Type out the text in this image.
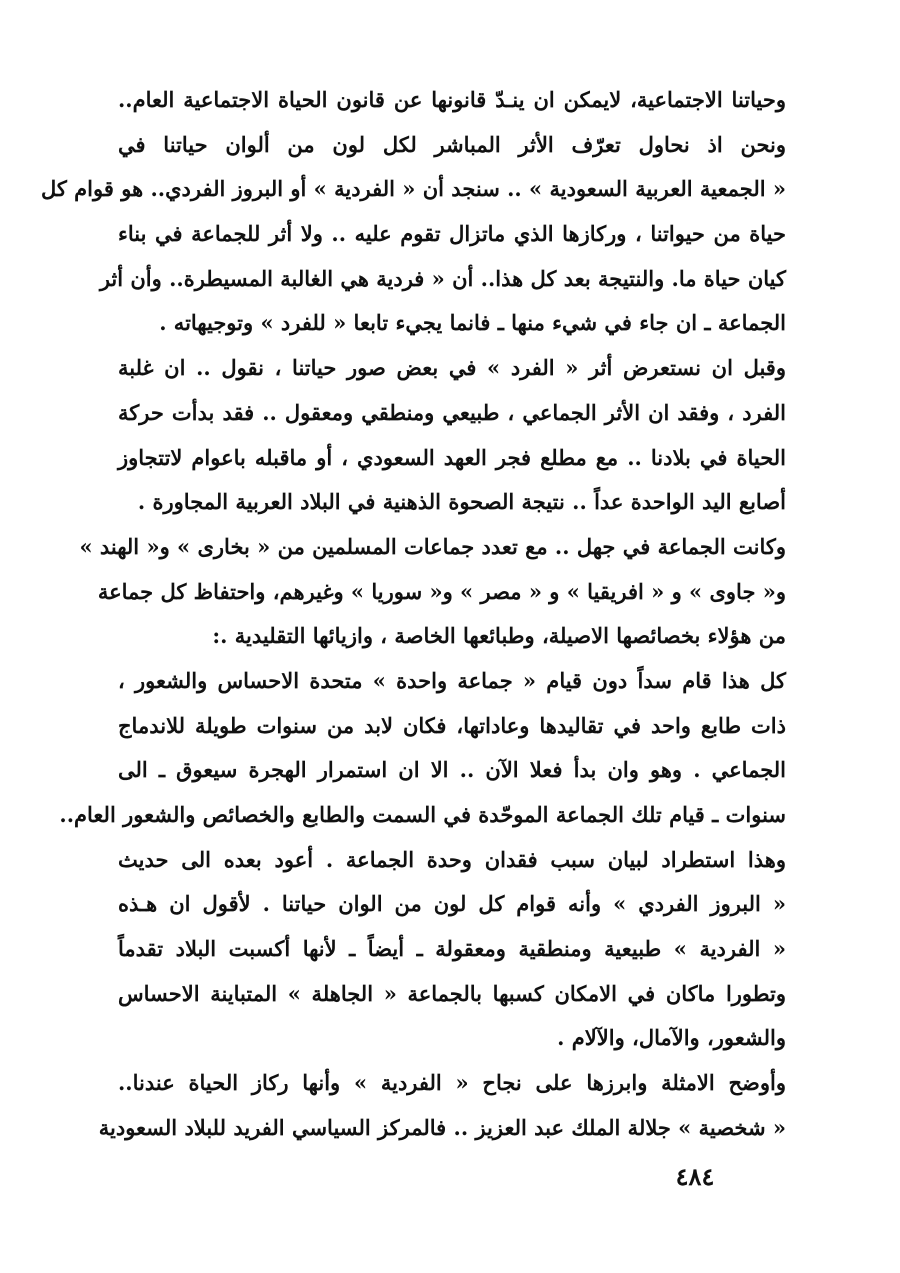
وحياتنا الاجتماعية، لايمكن ان ينـدّ قانونها عن قانون الحياة الاجتماعية العام..
ونحن اذ نحاول تعرّف الأثر المباشر لكل لون من ألوان حياتنا في
« الجمعية العربية السعودية » .. سنجد أن « الفردية » أو البروز الفردي.. هو قوام كل
حياة من حيواتنا ، وركازها الذي ماتزال تقوم عليه .. ولا أثر للجماعة في بناء
كيان حياة ما. والنتيجة بعد كل هذا.. أن « فردية هي الغالبة المسيطرة.. وأن أثر
الجماعة ـ ان جاء في شيء منها ـ فانما يجيء تابعا « للفرد » وتوجيهاته .
وقبل ان نستعرض أثر « الفرد » في بعض صور حياتنا ، نقول .. ان غلبة
الفرد ، وفقد ان الأثر الجماعي ، طبيعي ومنطقي ومعقول .. فقد بدأت حركة
الحياة في بلادنا .. مع مطلع فجر العهد السعودي ، أو ماقبله باعوام لاتتجاوز
أصابع اليد الواحدة عداً .. نتيجة الصحوة الذهنية في البلاد العربية المجاورة .
وكانت الجماعة في جهل .. مع تعدد جماعات المسلمين من « بخارى » و« الهند »
و« جاوى » و « افريقيا » و « مصر » و« سوريا » وغيرهم، واحتفاظ كل جماعة
من هؤلاء بخصائصها الاصيلة، وطبائعها الخاصة ، وازيائها التقليدية .:
كل هذا قام سداً دون قيام « جماعة واحدة » متحدة الاحساس والشعور ،
ذات طابع واحد في تقاليدها وعاداتها، فكان لابد من سنوات طويلة للاندماج
الجماعي . وهو وان بدأ فعلا الآن .. الا ان استمرار الهجرة سيعوق ـ الى
سنوات ـ قيام تلك الجماعة الموحّدة في السمت والطابع والخصائص والشعور العام..
وهذا استطراد لبيان سبب فقدان وحدة الجماعة . أعود بعده الى حديث
« البروز الفردي » وأنه قوام كل لون من الوان حياتنا . لأقول ان هـذه
« الفردية » طبيعية ومنطقية ومعقولة ـ أيضاً ـ لأنها أكسبت البلاد تقدماً
وتطورا ماكان في الامكان كسبها بالجماعة « الجاهلة » المتباينة الاحساس
والشعور، والآمال، والآلام .
وأوضح الامثلة وابرزها على نجاح « الفردية » وأنها ركاز الحياة عندنا..
« شخصية » جلالة الملك عبد العزيز .. فالمركز السياسي الفريد للبلاد السعودية
٤٨٤
